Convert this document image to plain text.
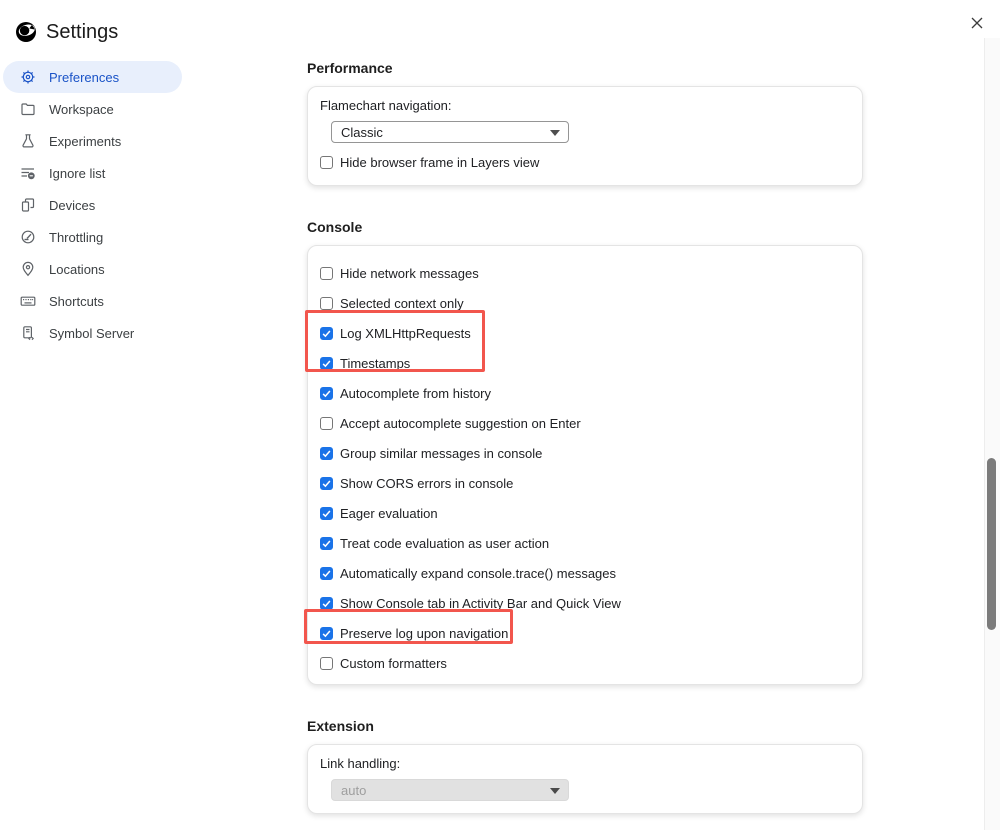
Settings
Preferences
Workspace
Experiments
Ignore list
Devices
Throttling
Locations
Shortcuts
Symbol Server
Performance
Flamechart navigation:
Classic
Hide browser frame in Layers view
Console
Hide network messages
Selected context only
Log XMLHttpRequests
Timestamps
Autocomplete from history
Accept autocomplete suggestion on Enter
Group similar messages in console
Show CORS errors in console
Eager evaluation
Treat code evaluation as user action
Automatically expand console.trace() messages
Show Console tab in Activity Bar and Quick View
Preserve log upon navigation
Custom formatters
Extension
Link handling:
auto
